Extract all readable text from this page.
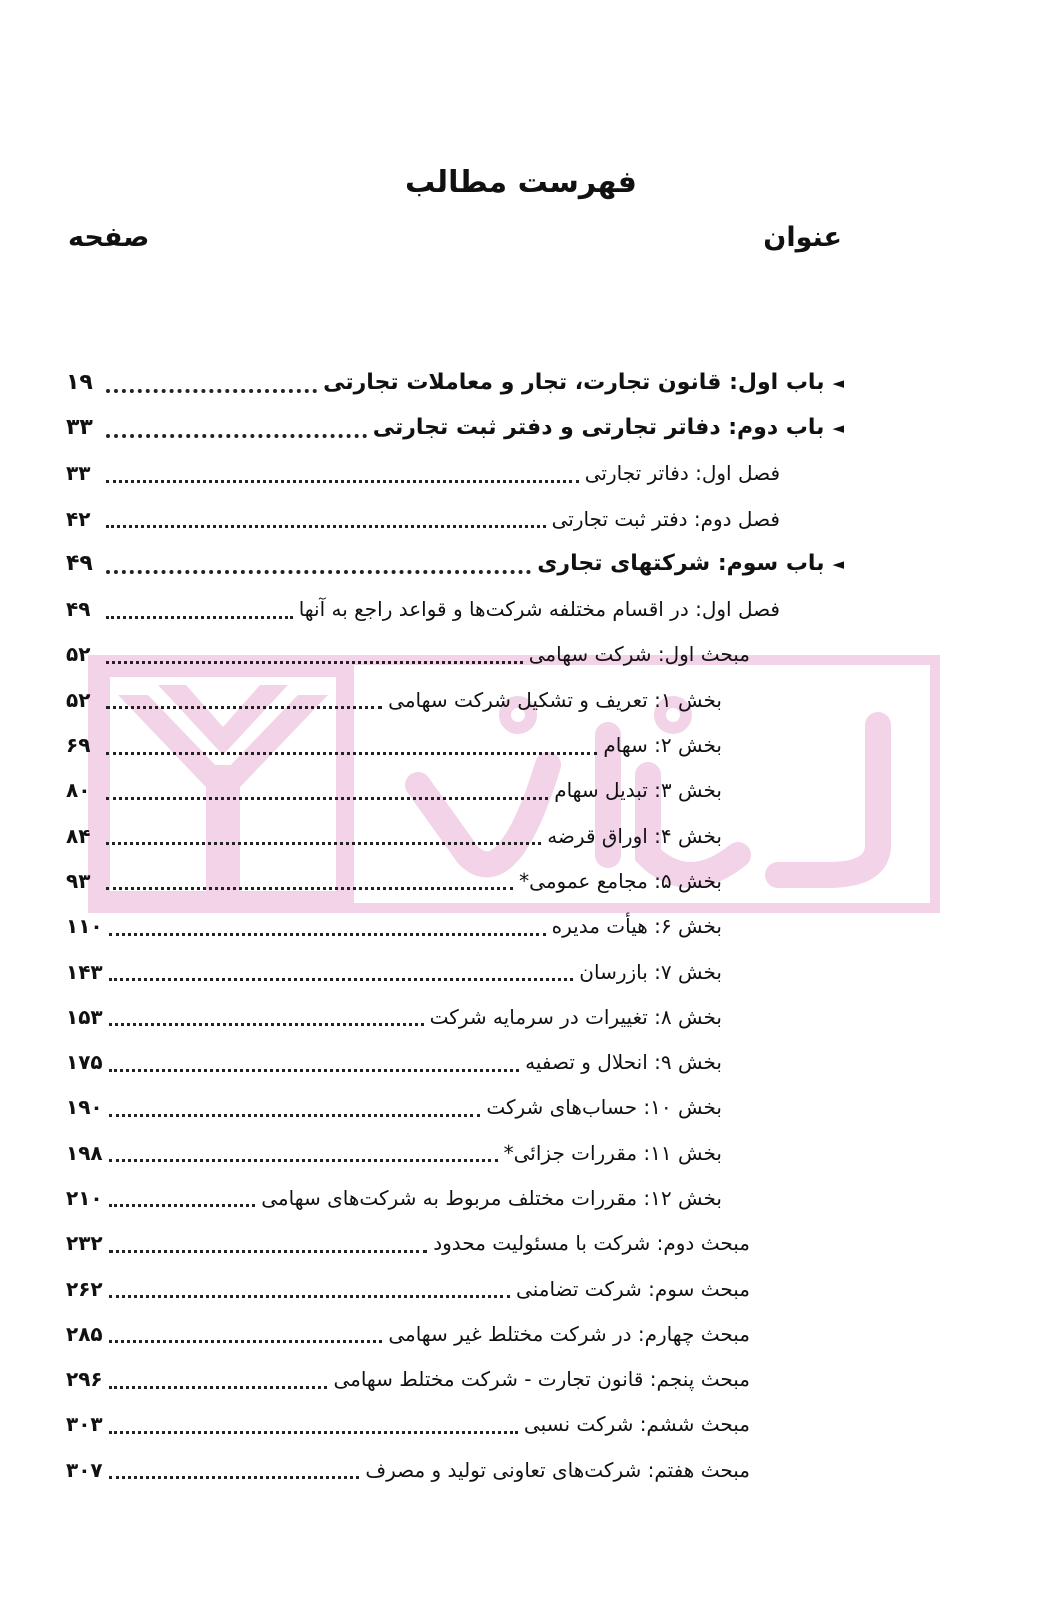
فهرست مطالب
عنوان
صفحه
◄
باب اول: قانون تجارت، تجار و معاملات تجارتی
۱۹
◄
باب دوم: دفاتر تجارتی و دفتر ثبت تجارتی
۳۳
فصل اول: دفاتر تجارتی
۳۳
فصل دوم: دفتر ثبت تجارتی
۴۲
◄
باب سوم: شرکتهای تجاری
۴۹
فصل اول: در اقسام مختلفه شرکت‌ها و قواعد راجع به آنها
۴۹
مبحث اول: شرکت سهامی
۵۲
بخش ۱: تعریف و تشکیل شرکت سهامی
۵۲
بخش ۲: سهام
۶۹
بخش ۳: تبدیل سهام
۸۰
بخش ۴: اوراق قرضه
۸۴
بخش ۵: مجامع عمومی*
۹۳
بخش ۶: هیأت مدیره
۱۱۰
بخش ۷: بازرسان
۱۴۳
بخش ۸: تغییرات در سرمایه شرکت
۱۵۳
بخش ۹: انحلال و تصفیه
۱۷۵
بخش ۱۰: حساب‌های شرکت
۱۹۰
بخش ۱۱: مقررات جزائی*
۱۹۸
بخش ۱۲: مقررات مختلف مربوط به شرکت‌های سهامی
۲۱۰
مبحث دوم: شرکت با مسئولیت محدود
۲۳۲
مبحث سوم: شرکت تضامنی
۲۶۲
مبحث چهارم: در شرکت مختلط غیر سهامی
۲۸۵
مبحث پنجم: قانون تجارت - شرکت مختلط سهامی
۲۹۶
مبحث ششم: شرکت نسبی
۳۰۳
مبحث هفتم: شرکت‌های تعاونی تولید و مصرف
۳۰۷
